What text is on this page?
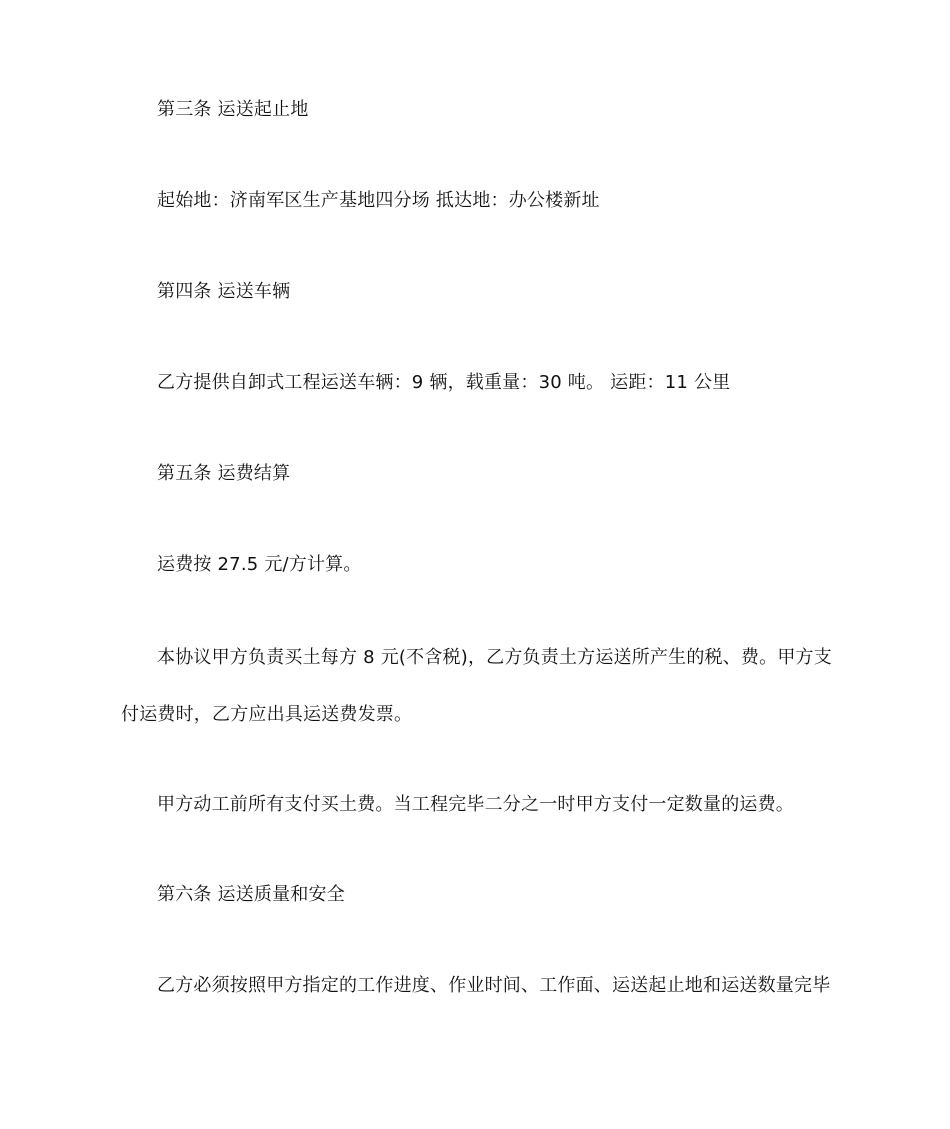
第三条 运送起止地
起始地：济南军区生产基地四分场 抵达地：办公楼新址
第四条 运送车辆
乙方提供自卸式工程运送车辆：9 辆，载重量：30 吨。 运距：11 公里
第五条 运费结算
运费按 27.5 元/方计算。
本协议甲方负责买土每方 8 元(不含税)，乙方负责土方运送所产生的税、费。甲方支
付运费时，乙方应出具运送费发票。
甲方动工前所有支付买土费。当工程完毕二分之一时甲方支付一定数量的运费。
第六条 运送质量和安全
乙方必须按照甲方指定的工作进度、作业时间、工作面、运送起止地和运送数量完毕
